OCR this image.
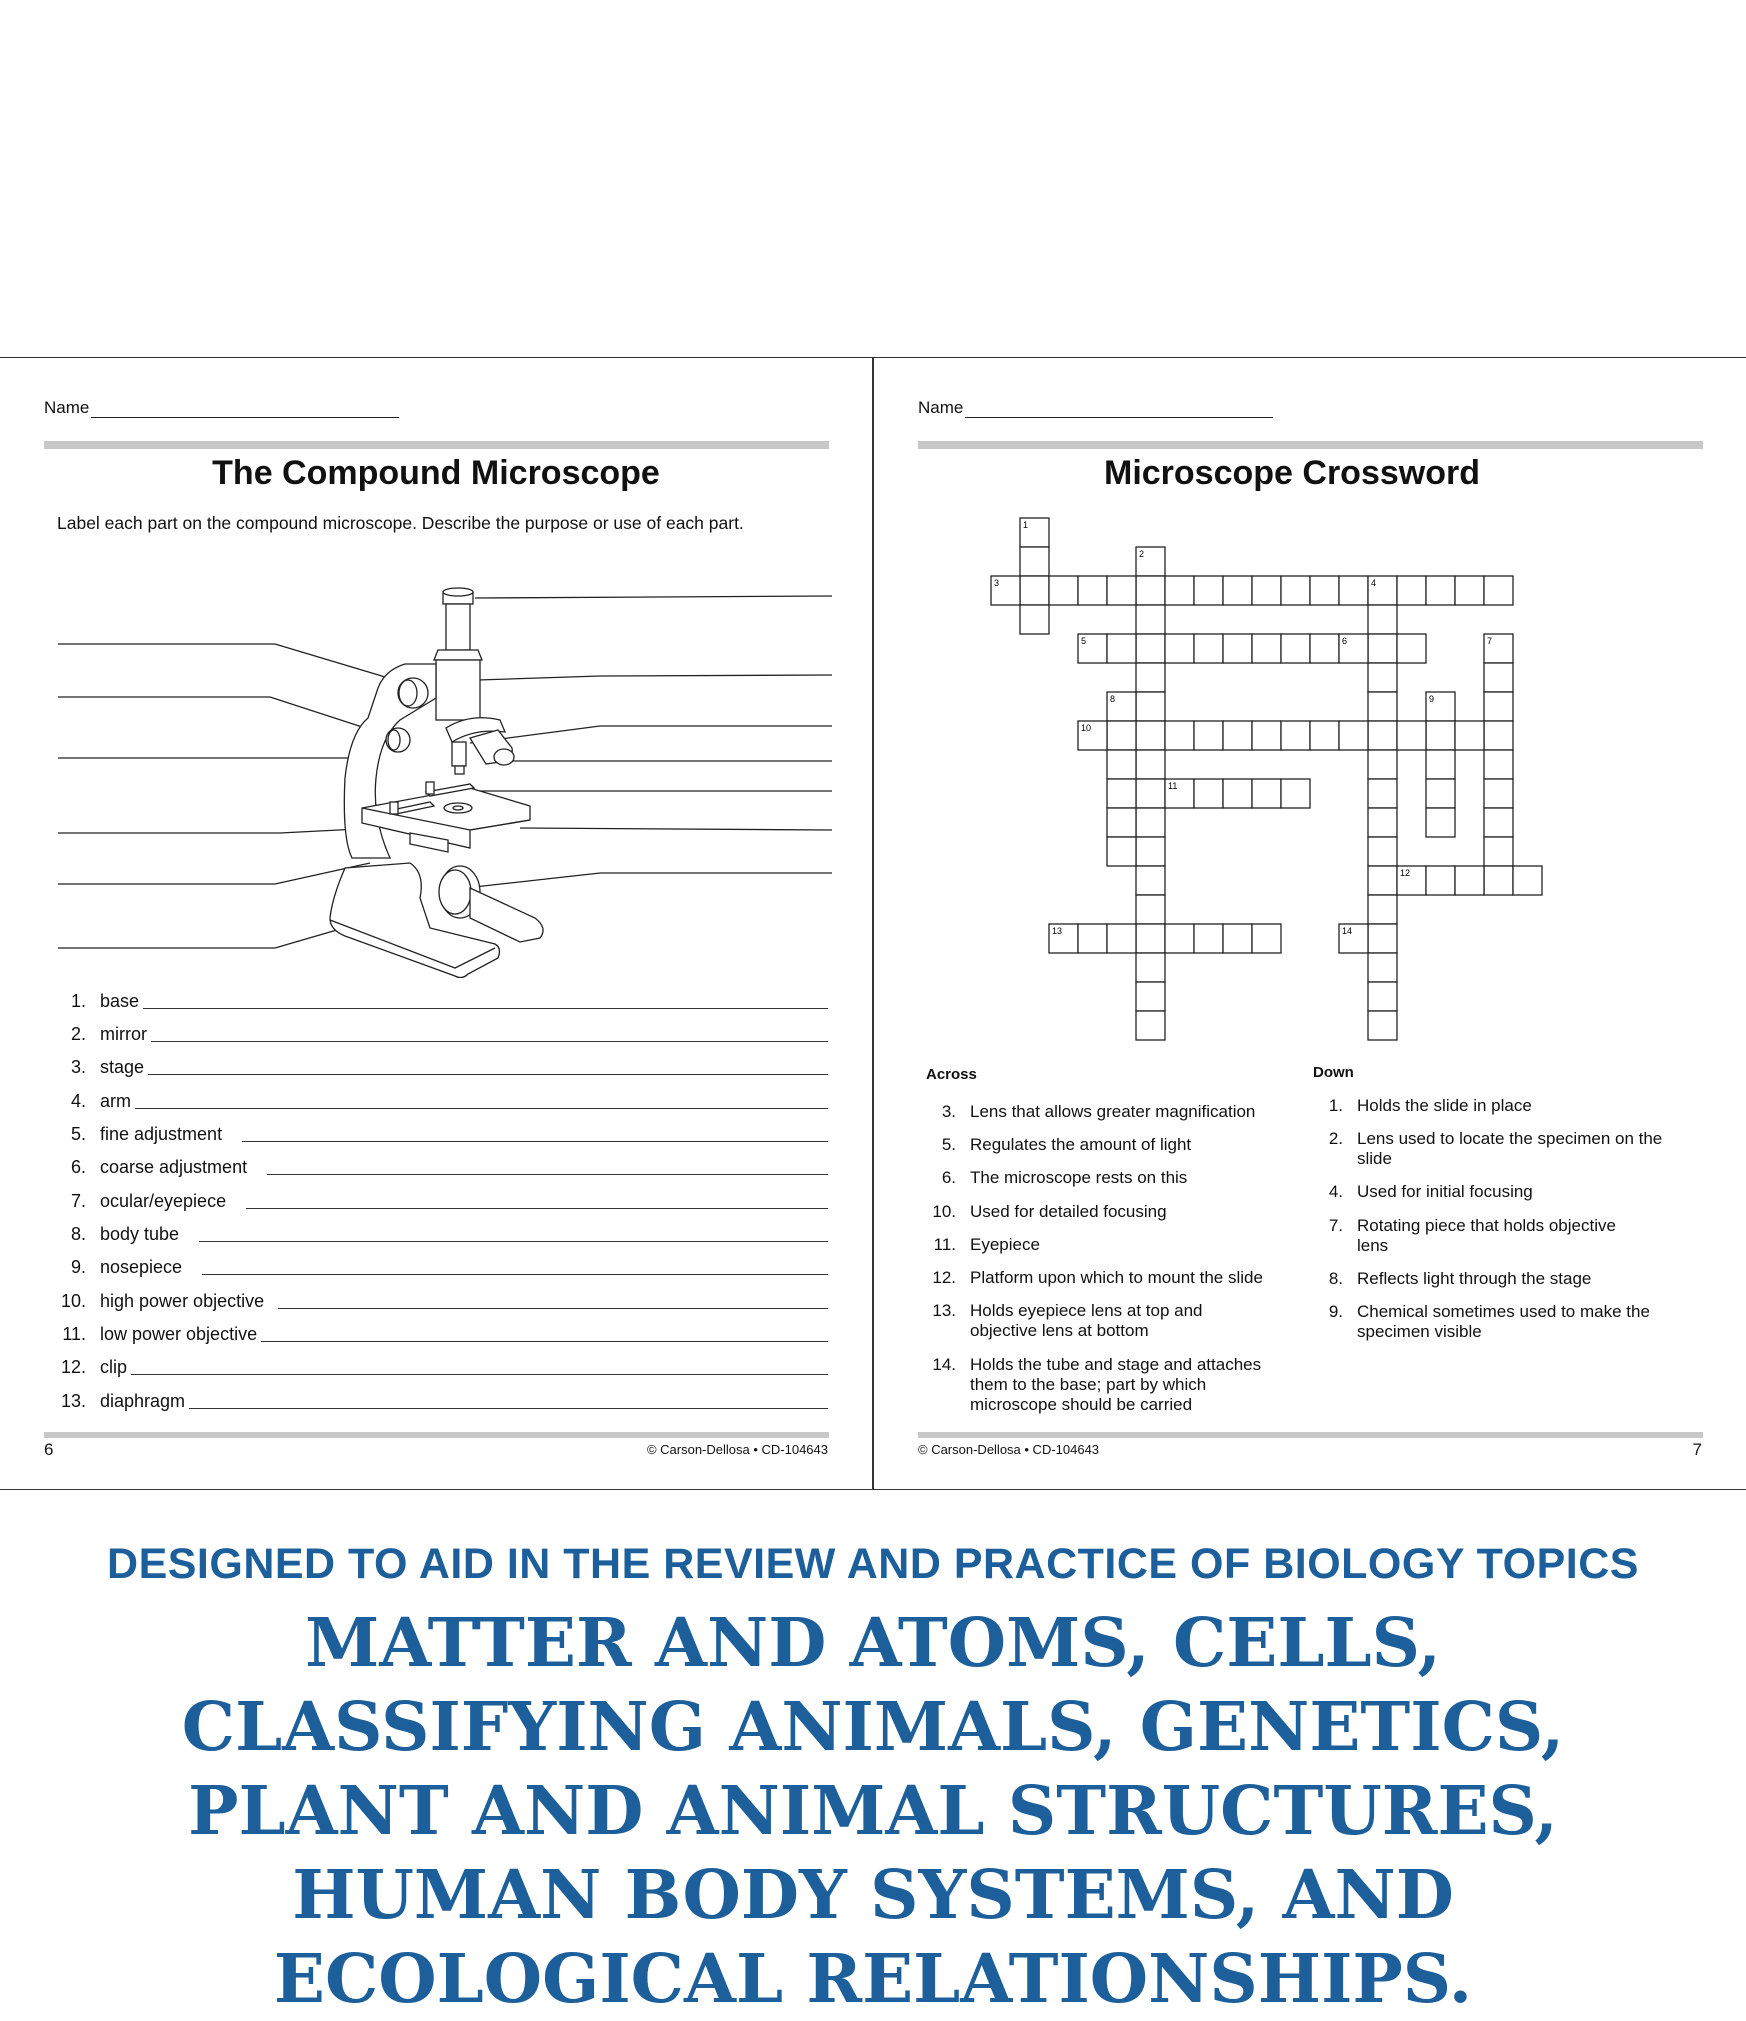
Name
The Compound Microscope
Label each part on the compound microscope. Describe the purpose or use of each part.
1. base
2. mirror
3. stage
4. arm
5. fine adjustment
6. coarse adjustment
7. ocular/eyepiece
8. body tube
9. nosepiece
10. high power objective
11. low power objective
12. clip
13. diaphragm
6	© Carson-Dellosa • CD-104643
Name
Microscope Crossword
1
2
3	4
5	6	7
8	9
10
11
12
13	14
Across	Down
3. Lens that allows greater magnification
5. Regulates the amount of light
6. The microscope rests on this
10. Used for detailed focusing
11. Eyepiece
12. Platform upon which to mount the slide
13. Holds eyepiece lens at top and objective lens at bottom
14. Holds the tube and stage and attaches them to the base; part by which microscope should be carried
1. Holds the slide in place
2. Lens used to locate the specimen on the slide
4. Used for initial focusing
7. Rotating piece that holds objective lens
8. Reflects light through the stage
9. Chemical sometimes used to make the specimen visible
© Carson-Dellosa • CD-104643	7
DESIGNED TO AID IN THE REVIEW AND PRACTICE OF BIOLOGY TOPICS
MATTER AND ATOMS, CELLS, CLASSIFYING ANIMALS, GENETICS, PLANT AND ANIMAL STRUCTURES, HUMAN BODY SYSTEMS, AND ECOLOGICAL RELATIONSHIPS.
